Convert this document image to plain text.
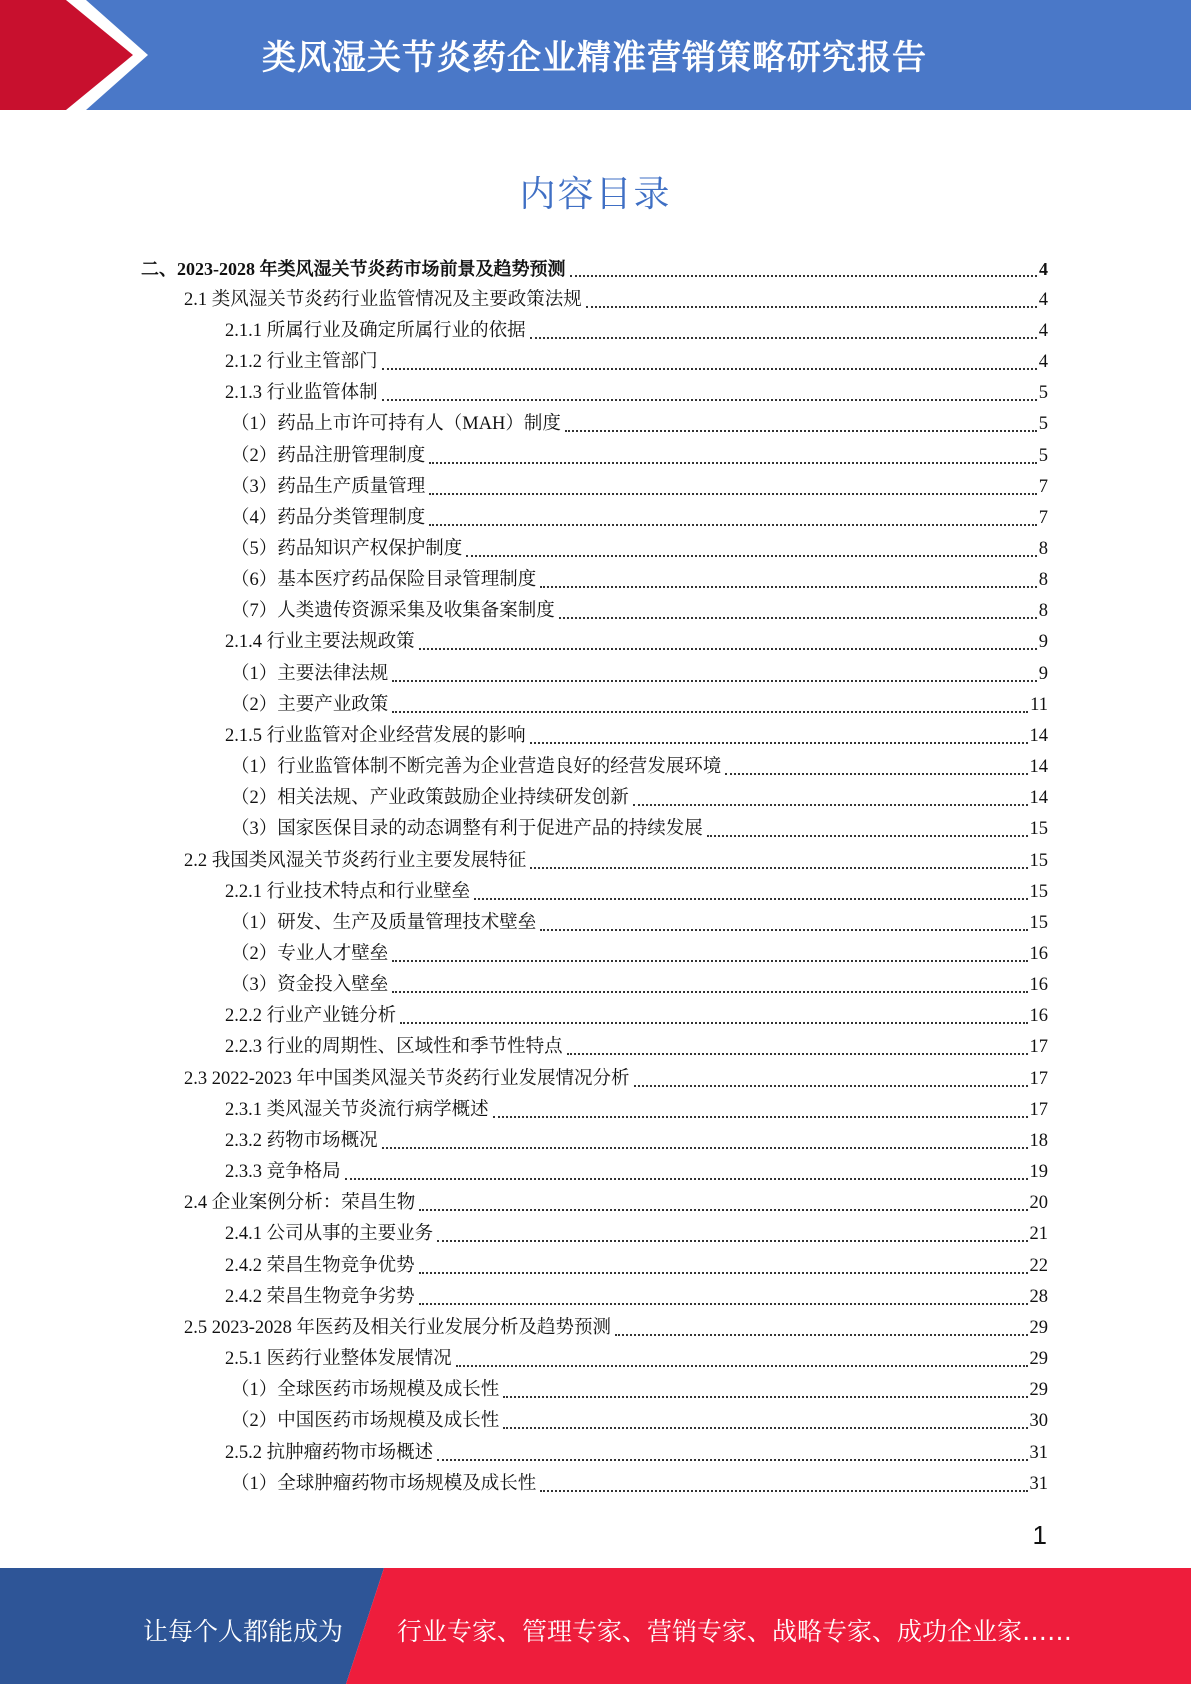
类风湿关节炎药企业精准营销策略研究报告
内容目录
二、2023-2028 年类风湿关节炎药市场前景及趋势预测	4
2.1 类风湿关节炎药行业监管情况及主要政策法规	4
2.1.1 所属行业及确定所属行业的依据	4
2.1.2 行业主管部门	4
2.1.3 行业监管体制	5
（1）药品上市许可持有人（MAH）制度	5
（2）药品注册管理制度	5
（3）药品生产质量管理	7
（4）药品分类管理制度	7
（5）药品知识产权保护制度	8
（6）基本医疗药品保险目录管理制度	8
（7）人类遗传资源采集及收集备案制度	8
2.1.4 行业主要法规政策	9
（1）主要法律法规	9
（2）主要产业政策	11
2.1.5 行业监管对企业经营发展的影响	14
（1）行业监管体制不断完善为企业营造良好的经营发展环境	14
（2）相关法规、产业政策鼓励企业持续研发创新	14
（3）国家医保目录的动态调整有利于促进产品的持续发展	15
2.2 我国类风湿关节炎药行业主要发展特征	15
2.2.1 行业技术特点和行业壁垒	15
（1）研发、生产及质量管理技术壁垒	15
（2）专业人才壁垒	16
（3）资金投入壁垒	16
2.2.2 行业产业链分析	16
2.2.3 行业的周期性、区域性和季节性特点	17
2.3 2022-2023 年中国类风湿关节炎药行业发展情况分析	17
2.3.1 类风湿关节炎流行病学概述	17
2.3.2 药物市场概况	18
2.3.3 竞争格局	19
2.4 企业案例分析：荣昌生物	20
2.4.1 公司从事的主要业务	21
2.4.2 荣昌生物竞争优势	22
2.4.2 荣昌生物竞争劣势	28
2.5 2023-2028 年医药及相关行业发展分析及趋势预测	29
2.5.1 医药行业整体发展情况	29
（1）全球医药市场规模及成长性	29
（2）中国医药市场规模及成长性	30
2.5.2 抗肿瘤药物市场概述	31
（1）全球肿瘤药物市场规模及成长性	31
1
让每个人都能成为 行业专家、管理专家、营销专家、战略专家、成功企业家……
